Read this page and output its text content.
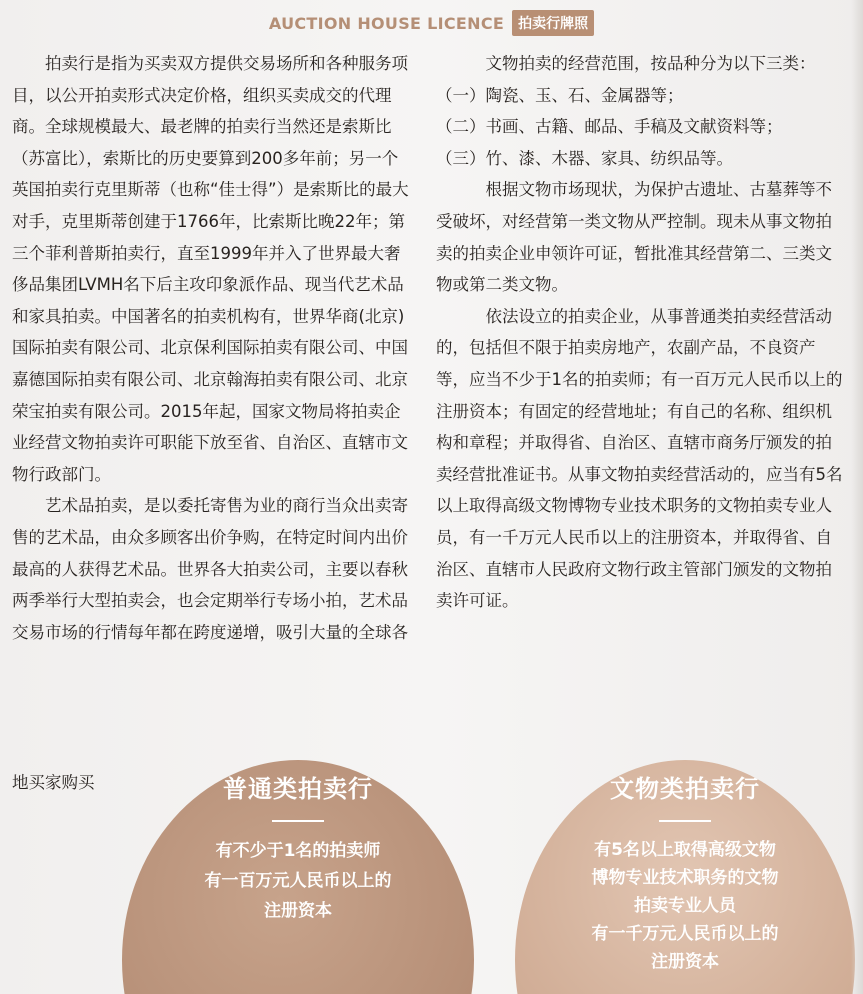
AUCTION HOUSE LICENCE	拍卖行牌照

拍卖行是指为买卖双方提供交易场所和各种服务项目，以公开拍卖形式决定价格，组织买卖成交的代理商。全球规模最大、最老牌的拍卖行当然还是索斯比（苏富比），索斯比的历史要算到200多年前；另一个英国拍卖行克里斯蒂（也称“佳士得”）是索斯比的最大对手，克里斯蒂创建于1766年，比索斯比晚22年；第三个菲利普斯拍卖行，直至1999年并入了世界最大奢侈品集团LVMH名下后主攻印象派作品、现当代艺术品和家具拍卖。中国著名的拍卖机构有，世界华商(北京)国际拍卖有限公司、北京保利国际拍卖有限公司、中国嘉德国际拍卖有限公司、北京翰海拍卖有限公司、北京荣宝拍卖有限公司。2015年起，国家文物局将拍卖企业经营文物拍卖许可职能下放至省、自治区、直辖市文物行政部门。

艺术品拍卖，是以委托寄售为业的商行当众出卖寄售的艺术品，由众多顾客出价争购，在特定时间内出价最高的人获得艺术品。世界各大拍卖公司，主要以春秋两季举行大型拍卖会，也会定期举行专场小拍，艺术品交易市场的行情每年都在跨度递增，吸引大量的全球各

地买家购买

文物拍卖的经营范围，按品种分为以下三类：

（一）陶瓷、玉、石、金属器等；

（二）书画、古籍、邮品、手稿及文献资料等；

（三）竹、漆、木器、家具、纺织品等。

根据文物市场现状，为保护古遗址、古墓葬等不受破坏，对经营第一类文物从严控制。现未从事文物拍卖的拍卖企业申领许可证，暂批准其经营第二、三类文物或第二类文物。

依法设立的拍卖企业，从事普通类拍卖经营活动的，包括但不限于拍卖房地产，农副产品，不良资产等，应当不少于1名的拍卖师；有一百万元人民币以上的注册资本；有固定的经营地址；有自己的名称、组织机构和章程；并取得省、自治区、直辖市商务厅颁发的拍卖经营批准证书。从事文物拍卖经营活动的，应当有5名以上取得高级文物博物专业技术职务的文物拍卖专业人员，有一千万元人民币以上的注册资本，并取得省、自治区、直辖市人民政府文物行政主管部门颁发的文物拍卖许可证。

普通类拍卖行
有不少于1名的拍卖师
有一百万元人民币以上的
注册资本
文物类拍卖行
有5名以上取得高级文物
博物专业技术职务的文物
拍卖专业人员
有一千万元人民币以上的
注册资本
